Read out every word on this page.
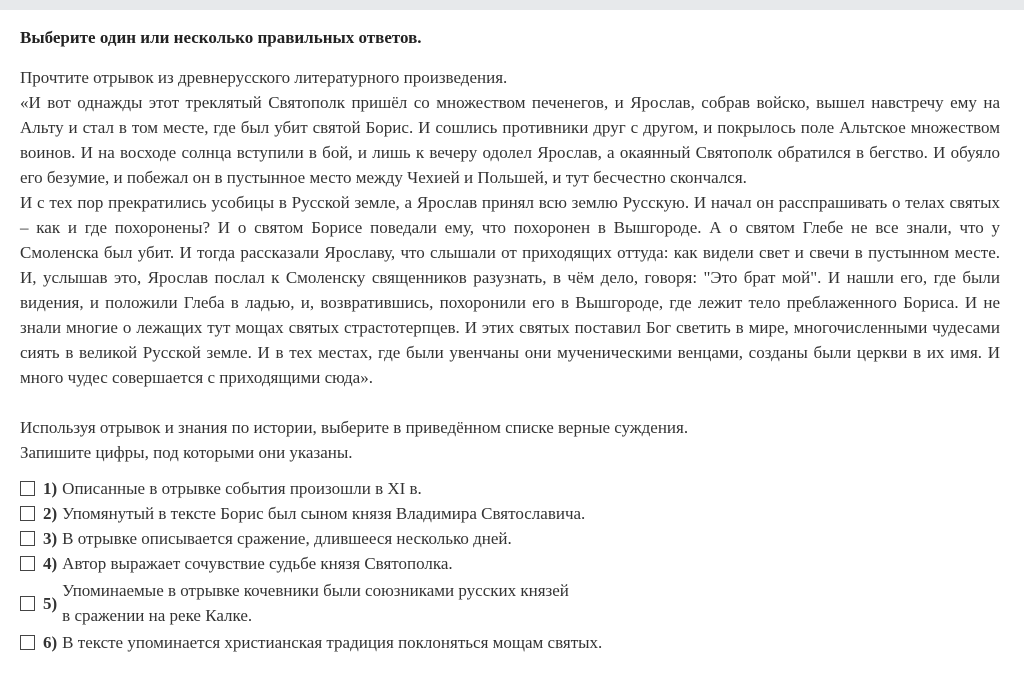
Выберите один или несколько правильных ответов.
Прочтите отрывок из древнерусского литературного произведения.

«И вот однажды этот треклятый Святополк пришёл со множеством печенегов, и Ярослав, собрав войско, вышел навстречу ему на Альту и стал в том месте, где был убит святой Борис. И сошлись противники друг с другом, и покрылось поле Альтское множеством воинов. И на восходе солнца вступили в бой, и лишь к вечеру одолел Ярослав, а окаянный Святополк обратился в бегство. И обуяло его безумие, и побежал он в пустынное место между Чехией и Польшей, и тут бесчестно скончался.

И с тех пор прекратились усобицы в Русской земле, а Ярослав принял всю землю Русскую. И начал он расспрашивать о телах святых – как и где похоронены? И о святом Борисе поведали ему, что похоронен в Вышгороде. А о святом Глебе не все знали, что у Смоленска был убит. И тогда рассказали Ярославу, что слышали от приходящих оттуда: как видели свет и свечи в пустынном месте. И, услышав это, Ярослав послал к Смоленску священников разузнать, в чём дело, говоря: "Это брат мой". И нашли его, где были видения, и положили Глеба в ладью, и, возвратившись, похоронили его в Вышгороде, где лежит тело преблаженного Бориса. И не знали многие о лежащих тут мощах святых страстотерпцев. И этих святых поставил Бог светить в мире, многочисленными чудесами сиять в великой Русской земле. И в тех местах, где были увенчаны они мученическими венцами, созданы были церкви в их имя. И много чудес совершается с приходящими сюда».

Используя отрывок и знания по истории, выберите в приведённом списке верные суждения.
Запишите цифры, под которыми они указаны.
1) Описанные в отрывке события произошли в XI в.
2) Упомянутый в тексте Борис был сыном князя Владимира Святославича.
3) В отрывке описывается сражение, длившееся несколько дней.
4) Автор выражает сочувствие судьбе князя Святополка.
5)
Упоминаемые в отрывке кочевники были союзниками русских князей
в сражении на реке Калке.
6) В тексте упоминается христианская традиция поклоняться мощам святых.
